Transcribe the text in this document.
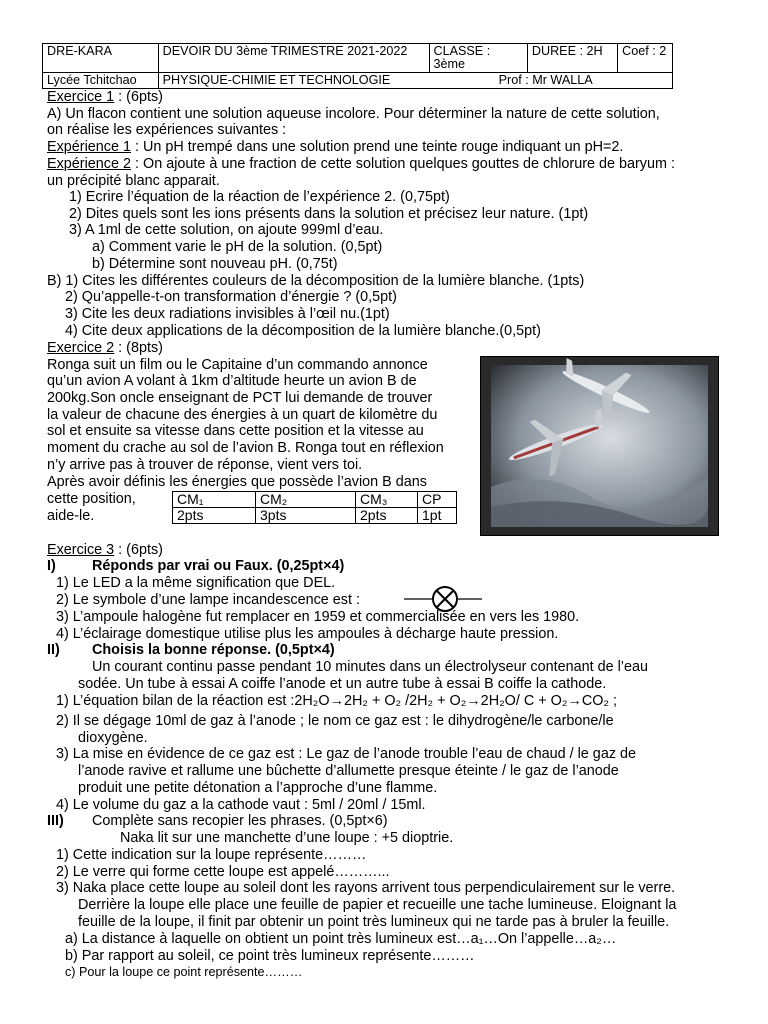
DRE-KARA	DEVOIR DU 3ème TRIMESTRE 2021-2022	CLASSE : 3ème	DUREE : 2H	Coef : 2
Lycée Tchitchao	PHYSIQUE-CHIMIE ET TECHNOLOGIE Prof : Mr WALLA			
Exercice 1 : (6pts)
A) Un flacon contient une solution aqueuse incolore. Pour déterminer la nature de cette solution,
on réalise les expériences suivantes :
Expérience 1 : Un pH trempé dans une solution prend une teinte rouge indiquant un pH=2.
Expérience 2 : On ajoute à une fraction de cette solution quelques gouttes de chlorure de baryum :
un précipité blanc apparait.
1) Ecrire l’équation de la réaction de l’expérience 2. (0,75pt)
2) Dites quels sont les ions présents dans la solution et précisez leur nature. (1pt)
3) A 1ml de cette solution, on ajoute 999ml d’eau.
a) Comment varie le pH de la solution. (0,5pt)
b) Détermine sont nouveau pH. (0,75t)
B) 1) Cites les différentes couleurs de la décomposition de la lumière blanche. (1pts)
2) Qu’appelle-t-on transformation d’énergie ? (0,5pt)
3) Cite les deux radiations invisibles à l’œil nu.(1pt)
4) Cite deux applications de la décomposition de la lumière blanche.(0,5pt)
Exercice 2 : (8pts)
Ronga suit un film ou le Capitaine d’un commando annonce
qu’un avion A volant à 1km d’altitude heurte un avion B de
200kg.Son oncle enseignant de PCT lui demande de trouver
la valeur de chacune des énergies à un quart de kilomètre du
sol et ensuite sa vitesse dans cette position et la vitesse au
moment du crache au sol de l’avion B. Ronga tout en réflexion
n’y arrive pas à trouver de réponse, vient vers toi.
Après avoir définis les énergies que possède l’avion B dans
cette position,
aide-le.
CM₁	CM₂	CM₃	CP
2pts	3pts	2pts	1pt
Exercice 3 : (6pts)
I)	Réponds par vrai ou Faux. (0,25pt×4)
1) Le LED a la même signification que DEL.
2) Le symbole d’une lampe incandescence est :
3) L’ampoule halogène fut remplacer en 1959 et commercialisée en vers les 1980.
4) L’éclairage domestique utilise plus les ampoules à décharge haute pression.
II) Choisis la bonne réponse. (0,5pt×4)
Un courant continu passe pendant 10 minutes dans un électrolyseur contenant de l’eau
sodée. Un tube à essai A coiffe l’anode et un autre tube à essai B coiffe la cathode.
1) L’équation bilan de la réaction est :2H₂O→2H₂ + O₂ /2H₂ + O₂→2H₂O/ C + O₂→CO₂ ;
2) Il se dégage 10ml de gaz à l’anode ; le nom ce gaz est : le dihydrogène/le carbone/le
dioxygène.
3) La mise en évidence de ce gaz est : Le gaz de l’anode trouble l’eau de chaud / le gaz de
l’anode ravive et rallume une bûchette d’allumette presque éteinte / le gaz de l’anode
produit une petite détonation a l’approche d’une flamme.
4) Le volume du gaz a la cathode vaut : 5ml / 20ml / 15ml.
III) Complète sans recopier les phrases. (0,5pt×6)
Naka lit sur une manchette d’une loupe : +5 dioptrie.
1) Cette indication sur la loupe représente………
2) Le verre qui forme cette loupe est appelé………...
3) Naka place cette loupe au soleil dont les rayons arrivent tous perpendiculairement sur le verre.
Derrière la loupe elle place une feuille de papier et recueille une tache lumineuse. Eloignant la
feuille de la loupe, il finit par obtenir un point très lumineux qui ne tarde pas à bruler la feuille.
a) La distance à laquelle on obtient un point très lumineux est…a₁…On l’appelle…a₂…
b) Par rapport au soleil, ce point très lumineux représente………
c) Pour la loupe ce point représente………
